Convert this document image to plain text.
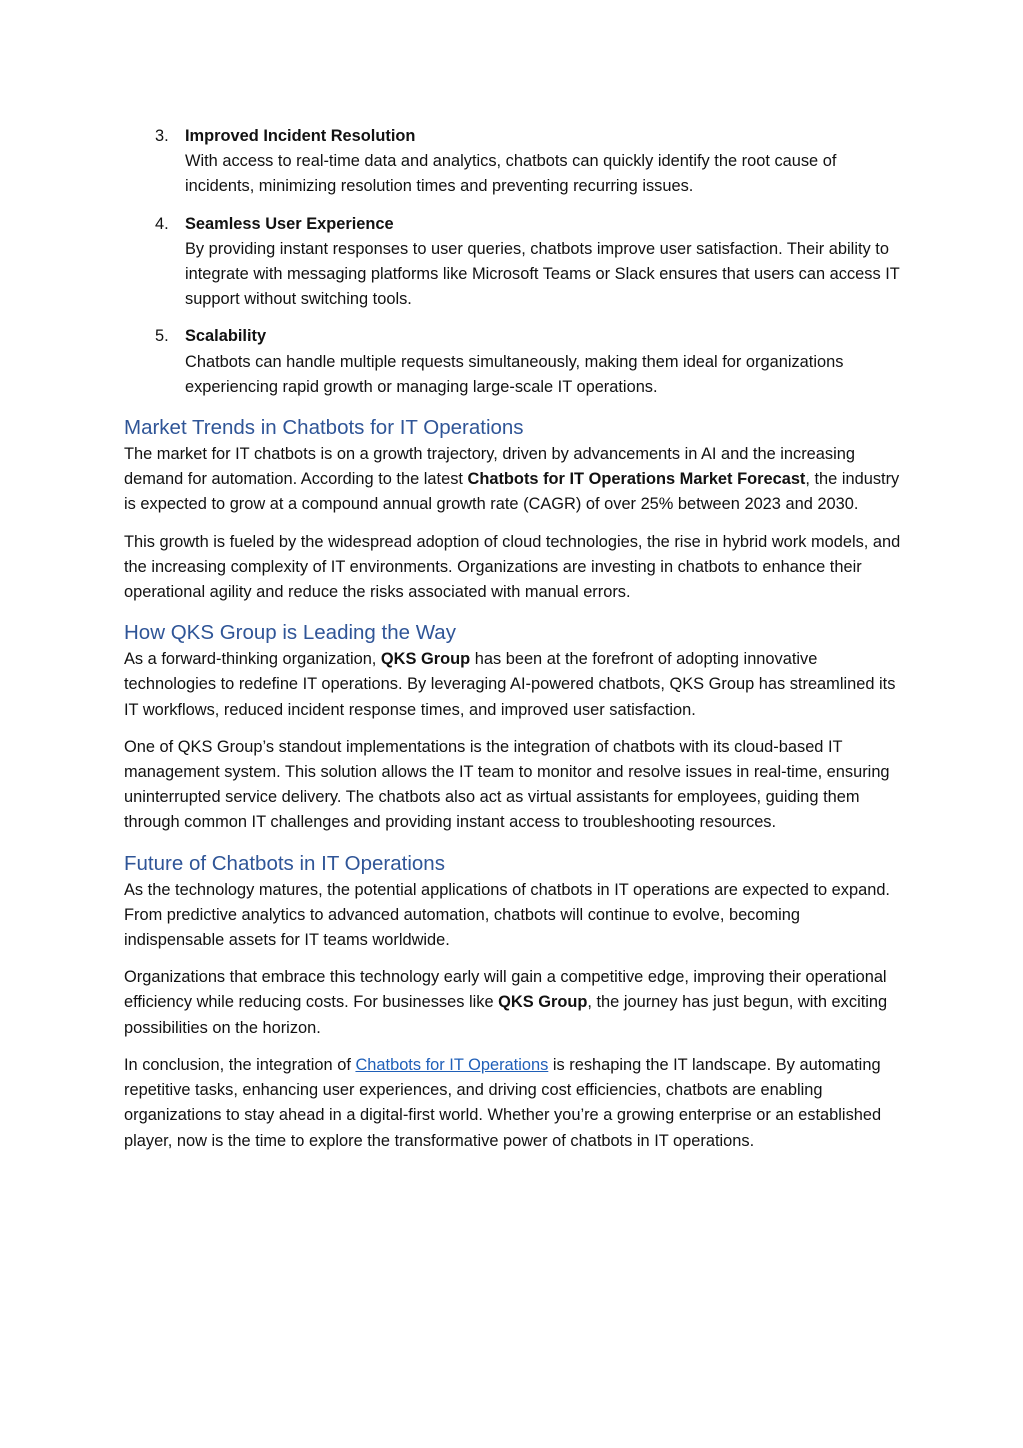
3. Improved Incident Resolution
With access to real-time data and analytics, chatbots can quickly identify the root cause of incidents, minimizing resolution times and preventing recurring issues.
4. Seamless User Experience
By providing instant responses to user queries, chatbots improve user satisfaction. Their ability to integrate with messaging platforms like Microsoft Teams or Slack ensures that users can access IT support without switching tools.
5. Scalability
Chatbots can handle multiple requests simultaneously, making them ideal for organizations experiencing rapid growth or managing large-scale IT operations.
Market Trends in Chatbots for IT Operations

The market for IT chatbots is on a growth trajectory, driven by advancements in AI and the increasing demand for automation. According to the latest Chatbots for IT Operations Market Forecast, the industry is expected to grow at a compound annual growth rate (CAGR) of over 25% between 2023 and 2030.

This growth is fueled by the widespread adoption of cloud technologies, the rise in hybrid work models, and the increasing complexity of IT environments. Organizations are investing in chatbots to enhance their operational agility and reduce the risks associated with manual errors.

How QKS Group is Leading the Way

As a forward-thinking organization, QKS Group has been at the forefront of adopting innovative technologies to redefine IT operations. By leveraging AI-powered chatbots, QKS Group has streamlined its IT workflows, reduced incident response times, and improved user satisfaction.

One of QKS Group’s standout implementations is the integration of chatbots with its cloud-based IT management system. This solution allows the IT team to monitor and resolve issues in real-time, ensuring uninterrupted service delivery. The chatbots also act as virtual assistants for employees, guiding them through common IT challenges and providing instant access to troubleshooting resources.

Future of Chatbots in IT Operations

As the technology matures, the potential applications of chatbots in IT operations are expected to expand. From predictive analytics to advanced automation, chatbots will continue to evolve, becoming indispensable assets for IT teams worldwide.

Organizations that embrace this technology early will gain a competitive edge, improving their operational efficiency while reducing costs. For businesses like QKS Group, the journey has just begun, with exciting possibilities on the horizon.

In conclusion, the integration of Chatbots for IT Operations is reshaping the IT landscape. By automating repetitive tasks, enhancing user experiences, and driving cost efficiencies, chatbots are enabling organizations to stay ahead in a digital-first world. Whether you’re a growing enterprise or an established player, now is the time to explore the transformative power of chatbots in IT operations.
